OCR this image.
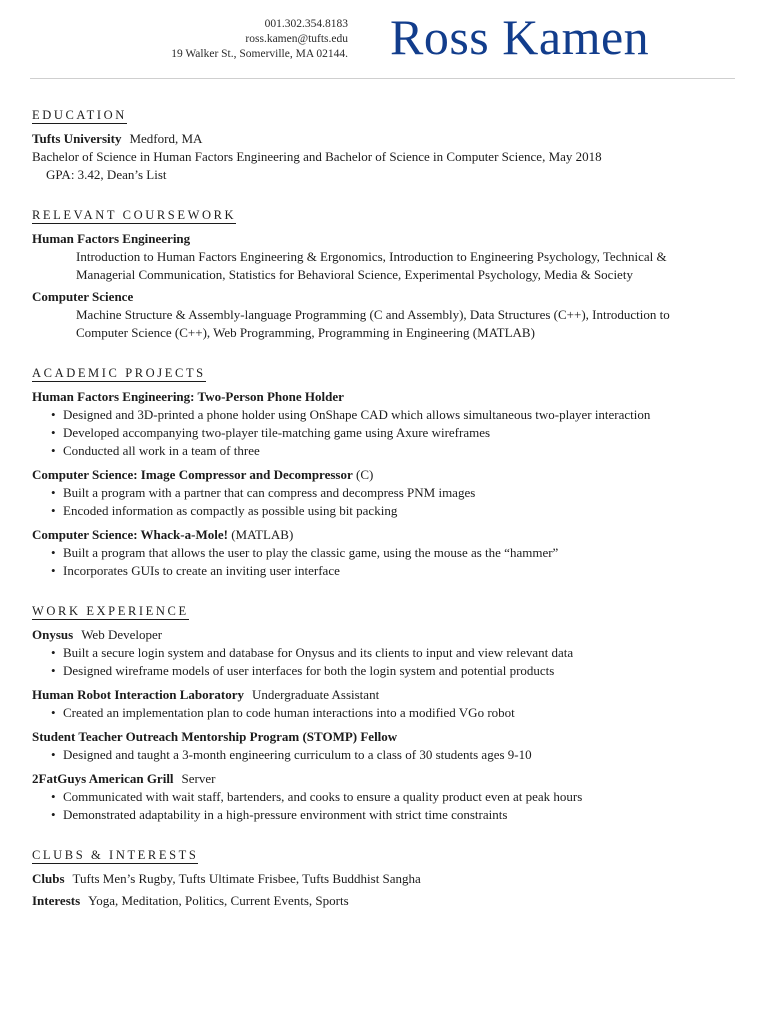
001.302.354.8183
ross.kamen@tufts.edu
19 Walker St., Somerville, MA 02144. Ross Kamen
EDUCATION
Tufts University Medford, MA
Bachelor of Science in Human Factors Engineering and Bachelor of Science in Computer Science, May 2018
GPA: 3.42, Dean’s List
RELEVANT COURSEWORK
Human Factors Engineering
Introduction to Human Factors Engineering & Ergonomics, Introduction to Engineering Psychology, Technical &
Managerial Communication, Statistics for Behavioral Science, Experimental Psychology, Media & Society
Computer Science
Machine Structure & Assembly-language Programming (C and Assembly), Data Structures (C++), Introduction to
Computer Science (C++), Web Programming, Programming in Engineering (MATLAB)
ACADEMIC PROJECTS
Human Factors Engineering: Two-Person Phone Holder
• Designed and 3D-printed a phone holder using OnShape CAD which allows simultaneous two-player interaction
• Developed accompanying two-player tile-matching game using Axure wireframes
• Conducted all work in a team of three
Computer Science: Image Compressor and Decompressor (C)
• Built a program with a partner that can compress and decompress PNM images
• Encoded information as compactly as possible using bit packing
Computer Science: Whack-a-Mole! (MATLAB)
• Built a program that allows the user to play the classic game, using the mouse as the “hammer”
• Incorporates GUIs to create an inviting user interface
WORK EXPERIENCE
Onysus Web Developer
• Built a secure login system and database for Onysus and its clients to input and view relevant data
• Designed wireframe models of user interfaces for both the login system and potential products
Human Robot Interaction Laboratory Undergraduate Assistant
• Created an implementation plan to code human interactions into a modified VGo robot
Student Teacher Outreach Mentorship Program (STOMP) Fellow
• Designed and taught a 3-month engineering curriculum to a class of 30 students ages 9-10
2FatGuys American Grill Server
• Communicated with wait staff, bartenders, and cooks to ensure a quality product even at peak hours
• Demonstrated adaptability in a high-pressure environment with strict time constraints
CLUBS & INTERESTS
Clubs Tufts Men’s Rugby, Tufts Ultimate Frisbee, Tufts Buddhist Sangha
Interests Yoga, Meditation, Politics, Current Events, Sports
